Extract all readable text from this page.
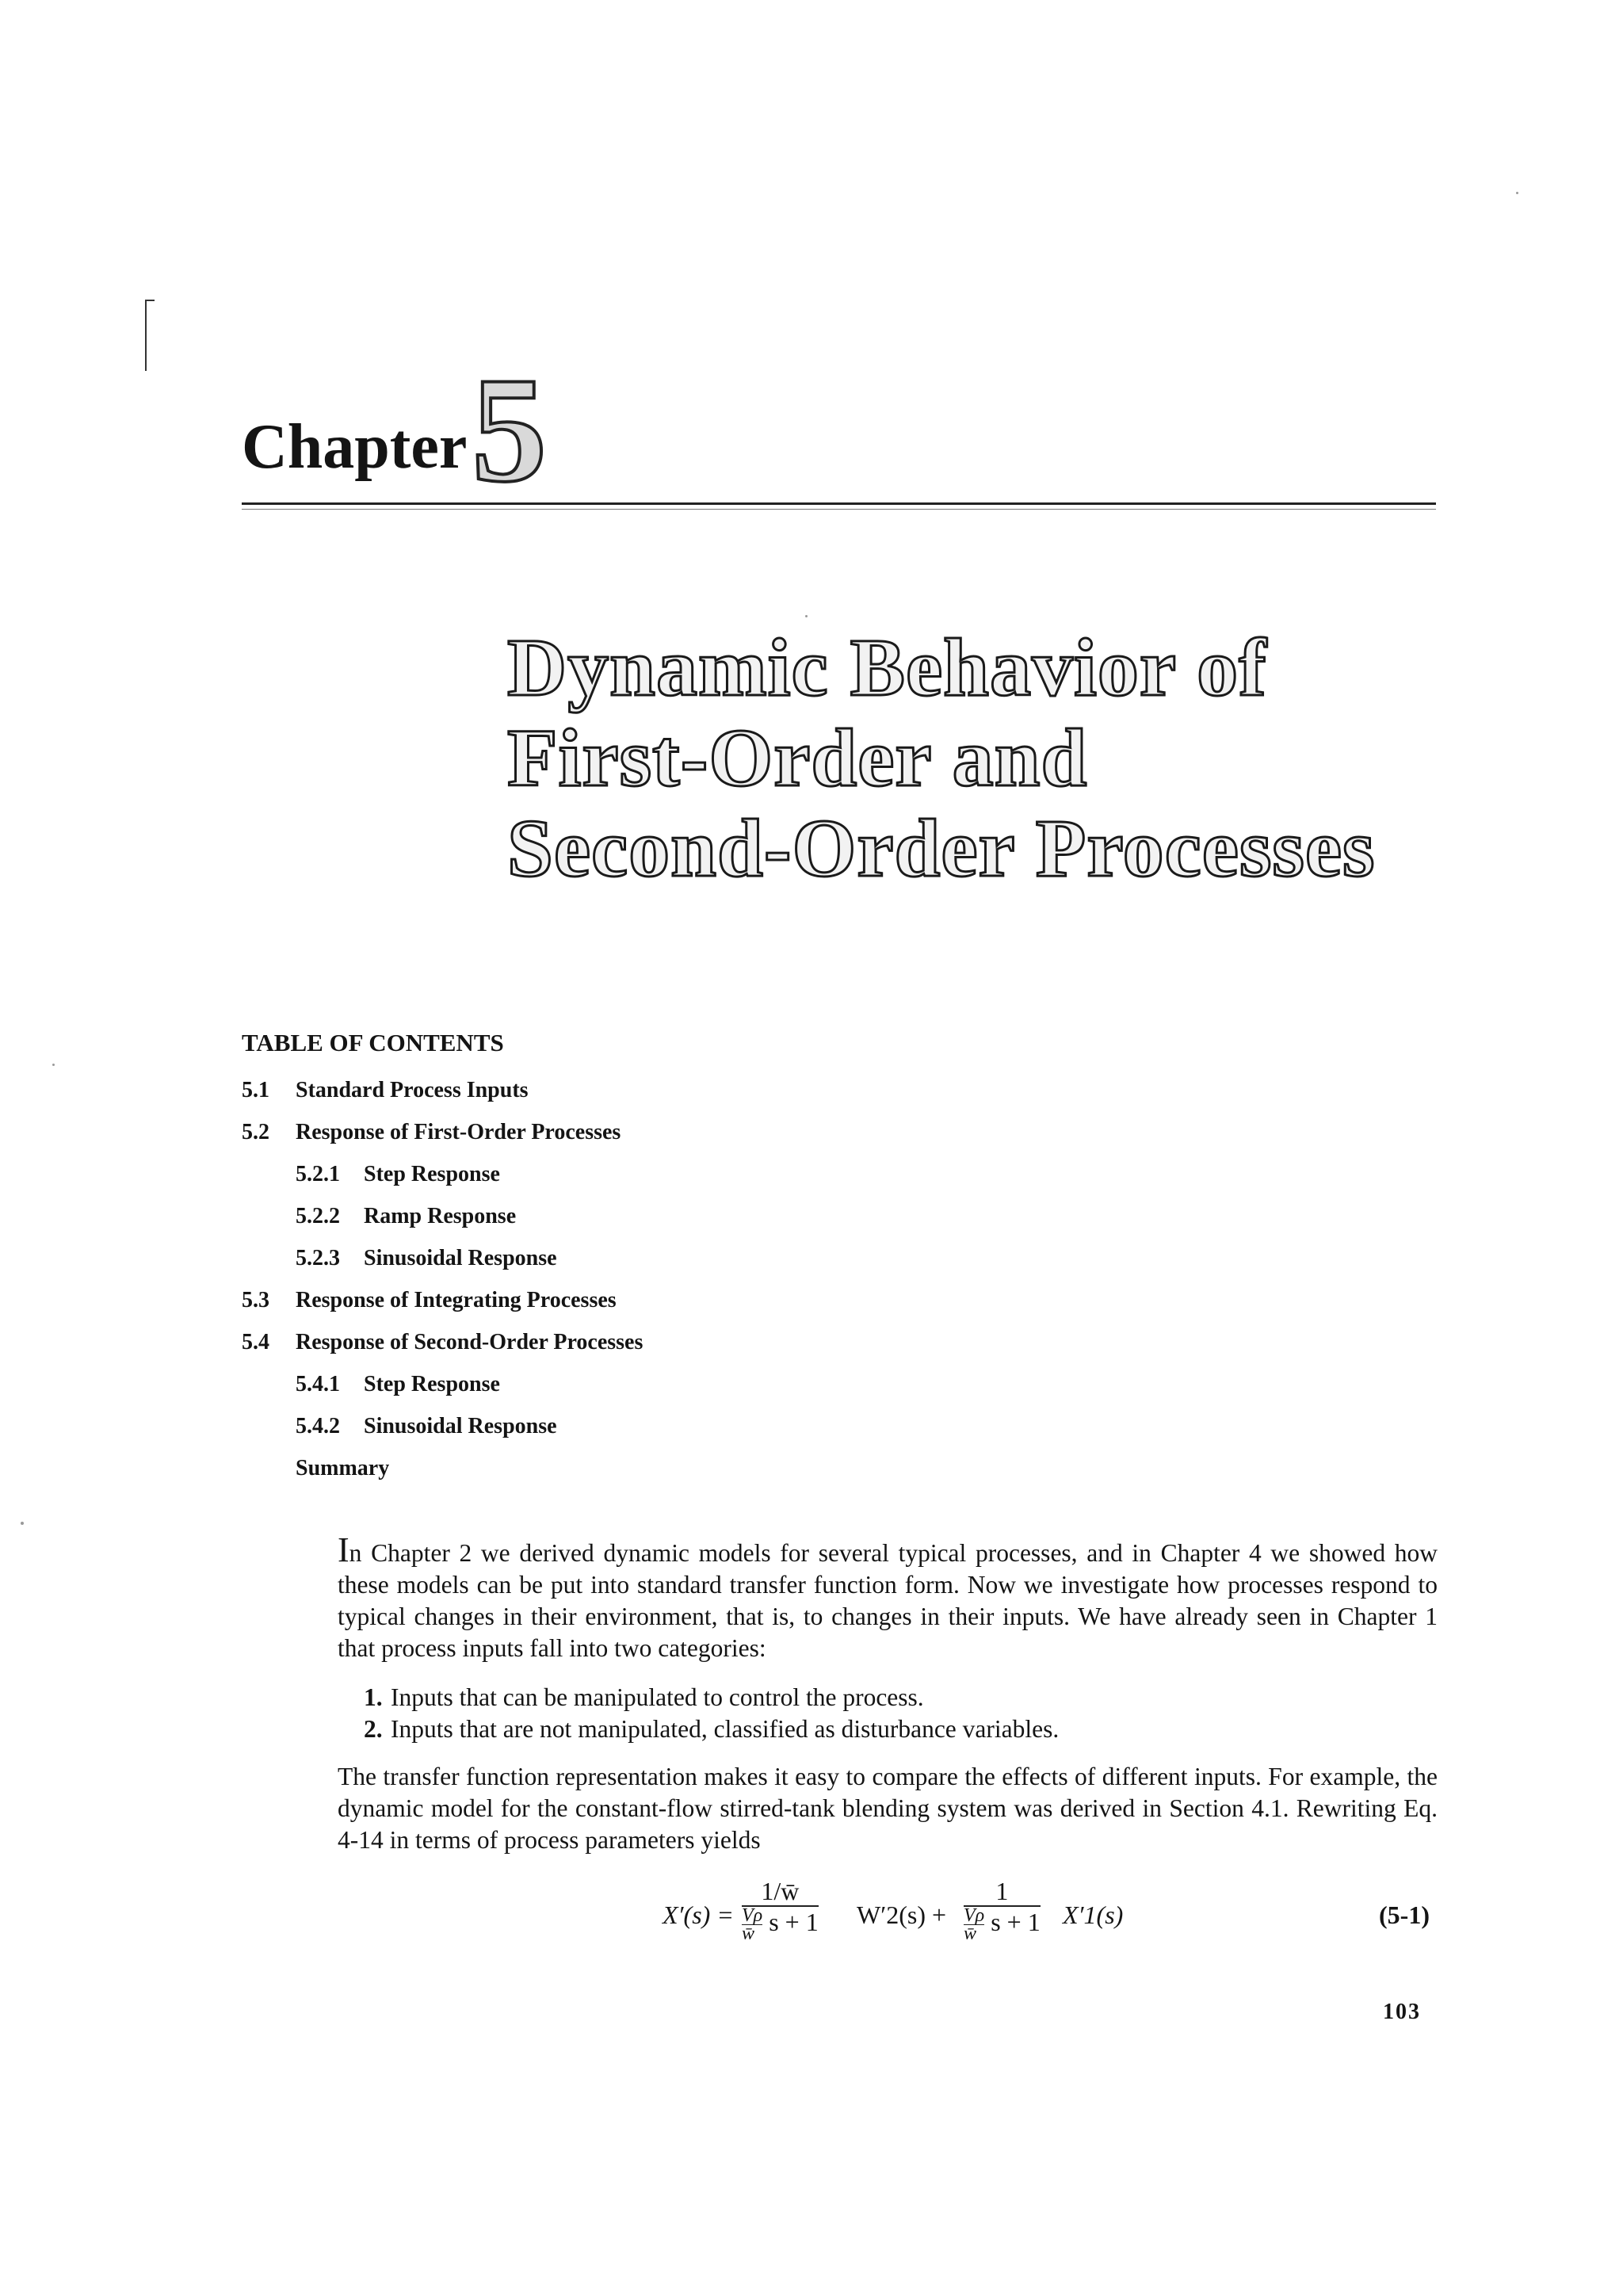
Chapter 5
Dynamic Behavior of
First-Order and
Second-Order Processes
TABLE OF CONTENTS
5.1 Standard Process Inputs
5.2 Response of First-Order Processes
5.2.1 Step Response
5.2.2 Ramp Response
5.2.3 Sinusoidal Response
5.3 Response of Integrating Processes
5.4 Response of Second-Order Processes
5.4.1 Step Response
5.4.2 Sinusoidal Response
Summary

In Chapter 2 we derived dynamic models for several typical processes, and in Chapter 4 we showed how these models can be put into standard transfer function form. Now we investigate how processes respond to typical changes in their environment, that is, to changes in their inputs. We have already seen in Chapter 1 that process inputs fall into two categories:

1. Inputs that can be manipulated to control the process.
2. Inputs that are not manipulated, classified as disturbance variables.

The transfer function representation makes it easy to compare the effects of different inputs. For example, the dynamic model for the constant-flow stirred-tank blending system was derived in Section 4.1. Rewriting Eq. 4-14 in terms of process parameters yields

$X'(s) = \frac{1/w̄}{\frac{V\rho}{w̄} s + 1} W'2(s) + \frac{1}{\frac{V\rho}{w̄} s + 1} X'1(s)$	(5-1)
103
